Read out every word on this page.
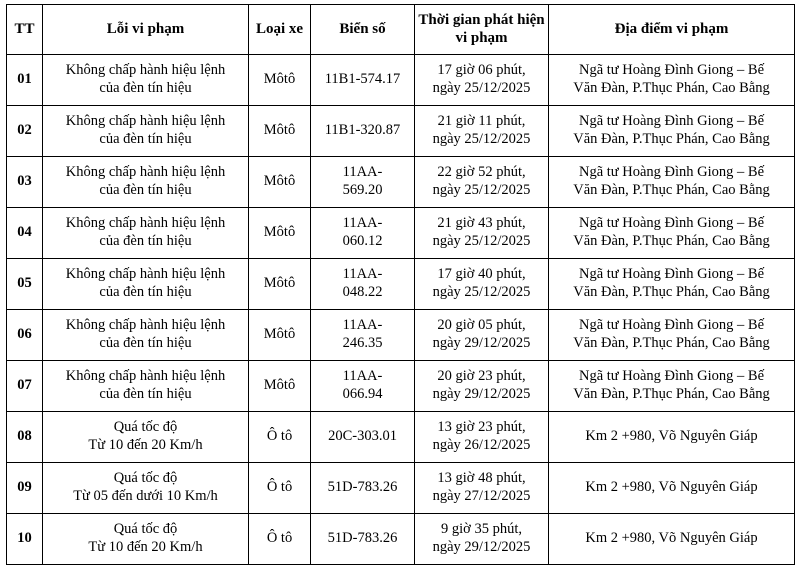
TT	Lỗi vi phạm	Loại xe	Biển số	Thời gian phát hiện vi phạm	Địa điểm vi phạm
01	Không chấp hành hiệu lệnh
của đèn tín hiệu	Môtô	11B1-574.17	17 giờ 06 phút,
ngày 25/12/2025	Ngã tư Hoàng Đình Giong – Bế
Văn Đàn, P.Thục Phán, Cao Bằng

02	Không chấp hành hiệu lệnh
của đèn tín hiệu	Môtô	11B1-320.87	21 giờ 11 phút,
ngày 25/12/2025	Ngã tư Hoàng Đình Giong – Bế
Văn Đàn, P.Thục Phán, Cao Bằng

03	Không chấp hành hiệu lệnh
của đèn tín hiệu	Môtô	11AA-
569.20	22 giờ 52 phút,
ngày 25/12/2025	Ngã tư Hoàng Đình Giong – Bế
Văn Đàn, P.Thục Phán, Cao Bằng

04	Không chấp hành hiệu lệnh
của đèn tín hiệu	Môtô	11AA-
060.12	21 giờ 43 phút,
ngày 25/12/2025	Ngã tư Hoàng Đình Giong – Bế
Văn Đàn, P.Thục Phán, Cao Bằng

05	Không chấp hành hiệu lệnh
của đèn tín hiệu	Môtô	11AA-
048.22	17 giờ 40 phút,
ngày 25/12/2025	Ngã tư Hoàng Đình Giong – Bế
Văn Đàn, P.Thục Phán, Cao Bằng

06	Không chấp hành hiệu lệnh
của đèn tín hiệu	Môtô	11AA-
246.35	20 giờ 05 phút,
ngày 29/12/2025	Ngã tư Hoàng Đình Giong – Bế
Văn Đàn, P.Thục Phán, Cao Bằng

07	Không chấp hành hiệu lệnh
của đèn tín hiệu	Môtô	11AA-
066.94	20 giờ 23 phút,
ngày 29/12/2025	Ngã tư Hoàng Đình Giong – Bế
Văn Đàn, P.Thục Phán, Cao Bằng

08	Quá tốc độ
Từ 10 đến 20 Km/h	Ô tô	20C-303.01	13 giờ 23 phút,
ngày 26/12/2025	Km 2 +980, Võ Nguyên Giáp

09	Quá tốc độ
Từ 05 đến dưới 10 Km/h	Ô tô	51D-783.26	13 giờ 48 phút,
ngày 27/12/2025	Km 2 +980, Võ Nguyên Giáp

10	Quá tốc độ
Từ 10 đến 20 Km/h	Ô tô	51D-783.26	9 giờ 35 phút,
ngày 29/12/2025	Km 2 +980, Võ Nguyên Giáp
